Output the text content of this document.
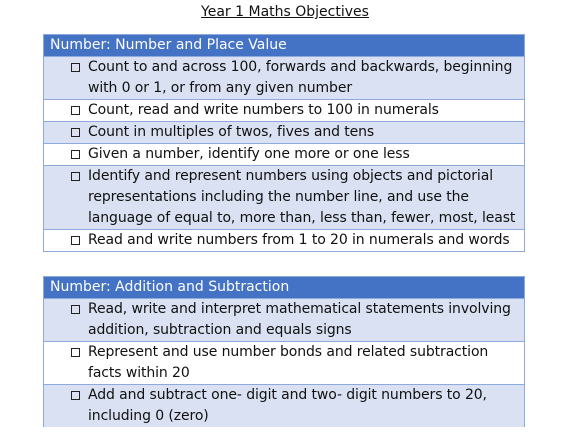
Year 1 Maths Objectives
Number: Number and Place Value
Count to and across 100, forwards and backwards, beginning with 0 or 1, or from any given number
Count, read and write numbers to 100 in numerals
Count in multiples of twos, fives and tens
Given a number, identify one more or one less
Identify and represent numbers using objects and pictorial representations including the number line, and use the language of equal to, more than, less than, fewer, most, least
Read and write numbers from 1 to 20 in numerals and words
Number: Addition and Subtraction
Read, write and interpret mathematical statements involving addition, subtraction and equals signs
Represent and use number bonds and related subtraction facts within 20
Add and subtract one- digit and two- digit numbers to 20, including 0 (zero)
